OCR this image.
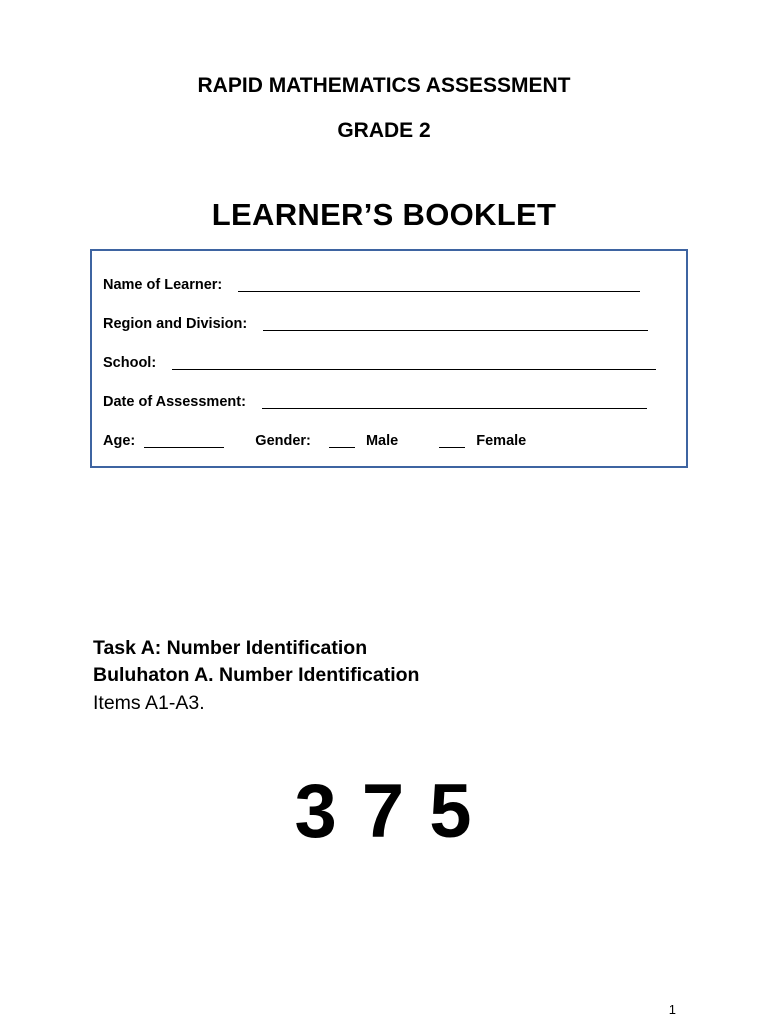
RAPID MATHEMATICS ASSESSMENT
GRADE 2
LEARNER’S BOOKLET
Name of Learner:
Region and Division:
School:
Date of Assessment:
Age:	Gender:	Male	Female
Task A: Number Identification
Buluhaton A. Number Identification
Items A1-A3.
3 7 5
1
